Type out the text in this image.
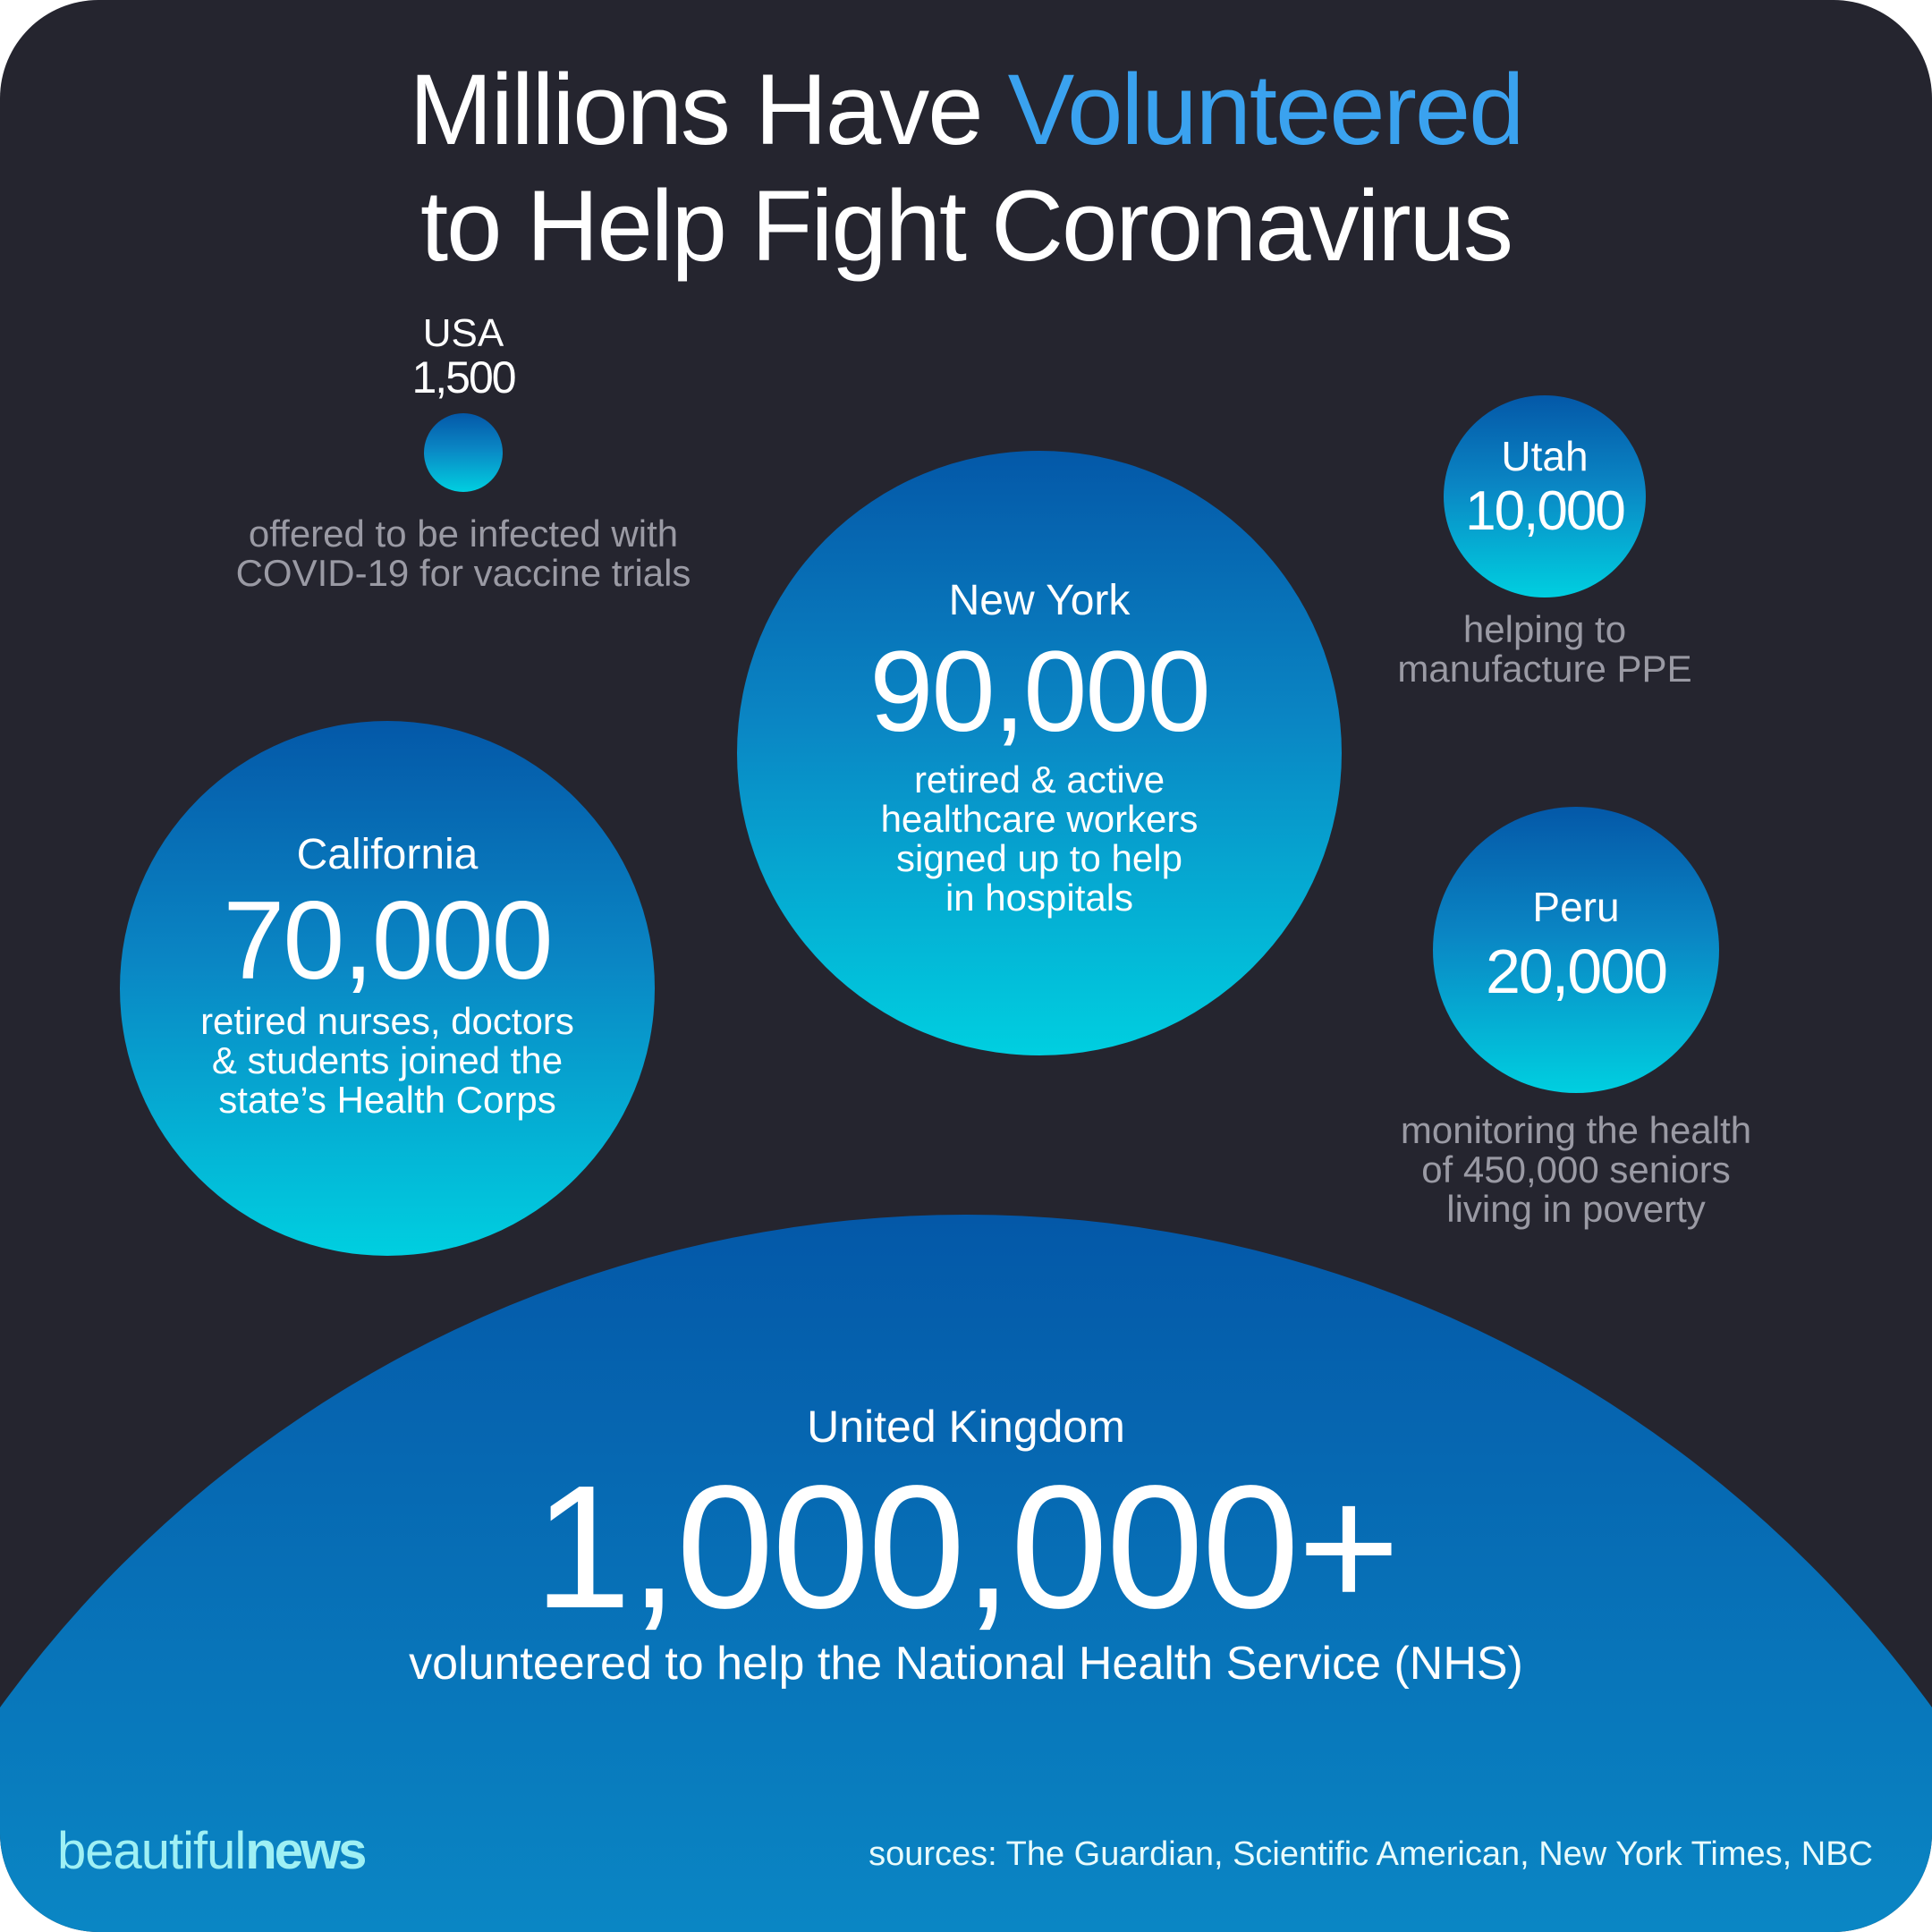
Millions Have Volunteered
to Help Fight Coronavirus
USA
1,500
offered to be infected with
COVID-19 for vaccine trials
Utah
10,000
helping to
manufacture PPE
New York
90,000
retired & active
healthcare workers
signed up to help
in hospitals
California
70,000
retired nurses, doctors
& students joined the
state’s Health Corps
Peru
20,000
monitoring the health
of 450,000 seniors
living in poverty
United Kingdom
1,000,000+
volunteered to help the National Health Service (NHS)
beautifulnews	sources: The Guardian, Scientific American, New York Times, NBC
